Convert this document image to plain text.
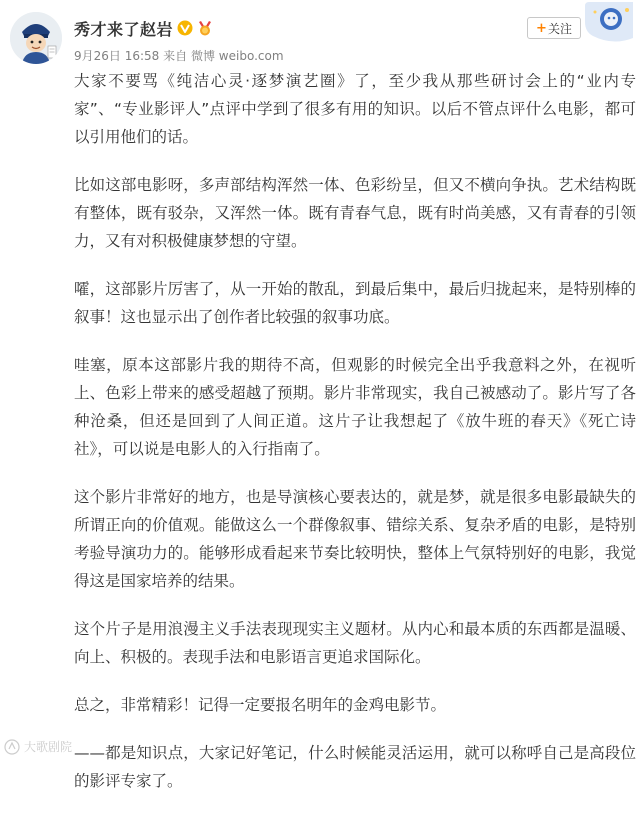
秀才来了赵岩
9月26日 16:58 来自 微博 weibo.com
+ 关注

大家不要骂《纯洁心灵·逐梦演艺圈》了，至少我从那些研讨会上的“业内专家”、“专业影评人”点评中学到了很多有用的知识。以后不管点评什么电影，都可以引用他们的话。

比如这部电影呀，多声部结构浑然一体、色彩纷呈，但又不横向争执。艺术结构既有整体，既有驳杂，又浑然一体。既有青春气息，既有时尚美感，又有青春的引领力，又有对积极健康梦想的守望。

嚯，这部影片厉害了，从一开始的散乱，到最后集中，最后归拢起来，是特别棒的叙事！这也显示出了创作者比较强的叙事功底。

哇塞，原本这部影片我的期待不高，但观影的时候完全出乎我意料之外，在视听上、色彩上带来的感受超越了预期。影片非常现实，我自己被感动了。影片写了各种沧桑，但还是回到了人间正道。这片子让我想起了《放牛班的春天》《死亡诗社》，可以说是电影人的入行指南了。

这个影片非常好的地方，也是导演核心要表达的，就是梦，就是很多电影最缺失的所谓正向的价值观。能做这么一个群像叙事、错综关系、复杂矛盾的电影，是特别考验导演功力的。能够形成看起来节奏比较明快，整体上气氛特别好的电影，我觉得这是国家培养的结果。

这个片子是用浪漫主义手法表现现实主义题材。从内心和最本质的东西都是温暖、向上、积极的。表现手法和电影语言更追求国际化。

总之，非常精彩！记得一定要报名明年的金鸡电影节。

——都是知识点，大家记好笔记，什么时候能灵活运用，就可以称呼自己是高段位的影评专家了。

大歌剧院
